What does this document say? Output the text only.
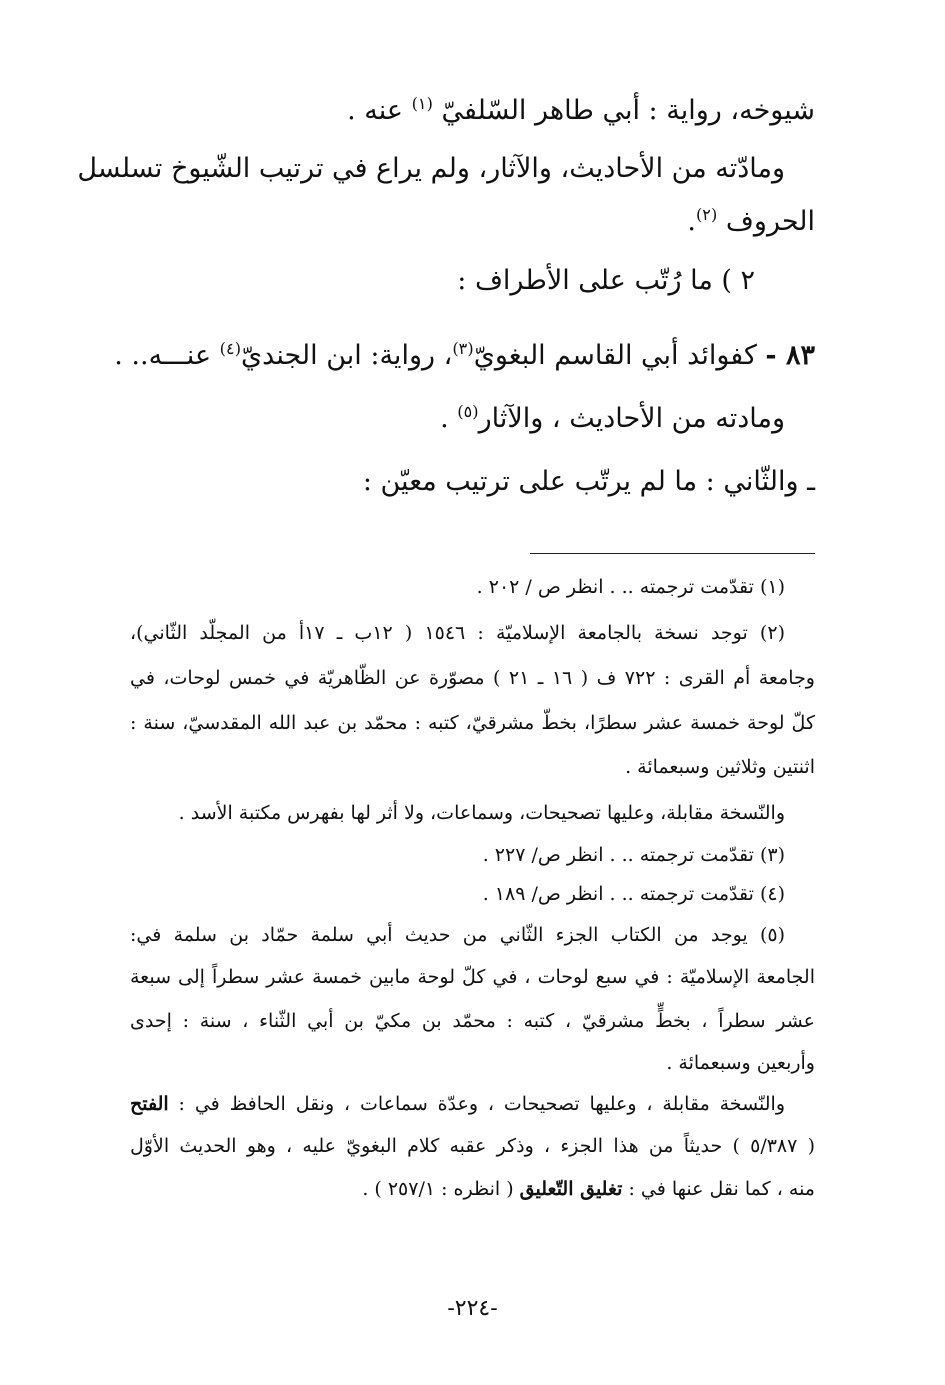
شيوخه، رواية : أبي طاهر السّلفيّ $^{(١)}$ عنه .
ومادّته من الأحاديث، والآثار، ولم يراع في ترتيب الشّيوخ تسلسل
الحروف $^{(٢)}$.
٢ ) ما رُتّب على الأطراف :
٨٣ - كفوائد أبي القاسم البغويّ$^{(٣)}$، رواية: ابن الجنديّ$^{(٤)}$ عنـــه.. .
ومادته من الأحاديث ، والآثار$^{(٥)}$ .
ـ والثّاني : ما لم يرتّب على ترتيب معيّن :
(١) تقدّمت ترجمته .. . انظر ص / ٢٠٢ .
(٢) توجد نسخة بالجامعة الإسلاميّة : ١٥٤٦ ( ١٢ب ـ ١٧أ من المجلّد الثّاني)،
وجامعة أم القرى : ٧٢٢ ف ( ١٦ ـ ٢١ ) مصوّرة عن الظّاهريّة في خمس لوحات، في
كلّ لوحة خمسة عشر سطرًا، بخطّ مشرقيّ، كتبه : محمّد بن عبد الله المقدسيّ، سنة :
اثنتين وثلاثين وسبعمائة .
والنّسخة مقابلة، وعليها تصحيحات، وسماعات، ولا أثر لها بفهرس مكتبة الأسد .
(٣) تقدّمت ترجمته .. . انظر ص/ ٢٢٧ .
(٤) تقدّمت ترجمته .. . انظر ص/ ١٨٩ .
(٥) يوجد من الكتاب الجزء الثّاني من حديث أبي سلمة حمّاد بن سلمة في:
الجامعة الإسلاميّة : في سبع لوحات ، في كلّ لوحة مابين خمسة عشر سطراً إلى سبعة
عشر سطراً ، بخطٍّ مشرقيّ ، كتبه : محمّد بن مكيّ بن أبي الثّناء ، سنة : إحدى
وأربعين وسبعمائة .
والنّسخة مقابلة ، وعليها تصحيحات ، وعدّة سماعات ، ونقل الحافظ في : الفتح
( ٥/٣٨٧ ) حديثاً من هذا الجزء ، وذكر عقبه كلام البغويّ عليه ، وهو الحديث الأوّل
منه ، كما نقل عنها في : تغليق التّعليق ( انظره : ٢٥٧/١ ) .
-٢٢٤-
